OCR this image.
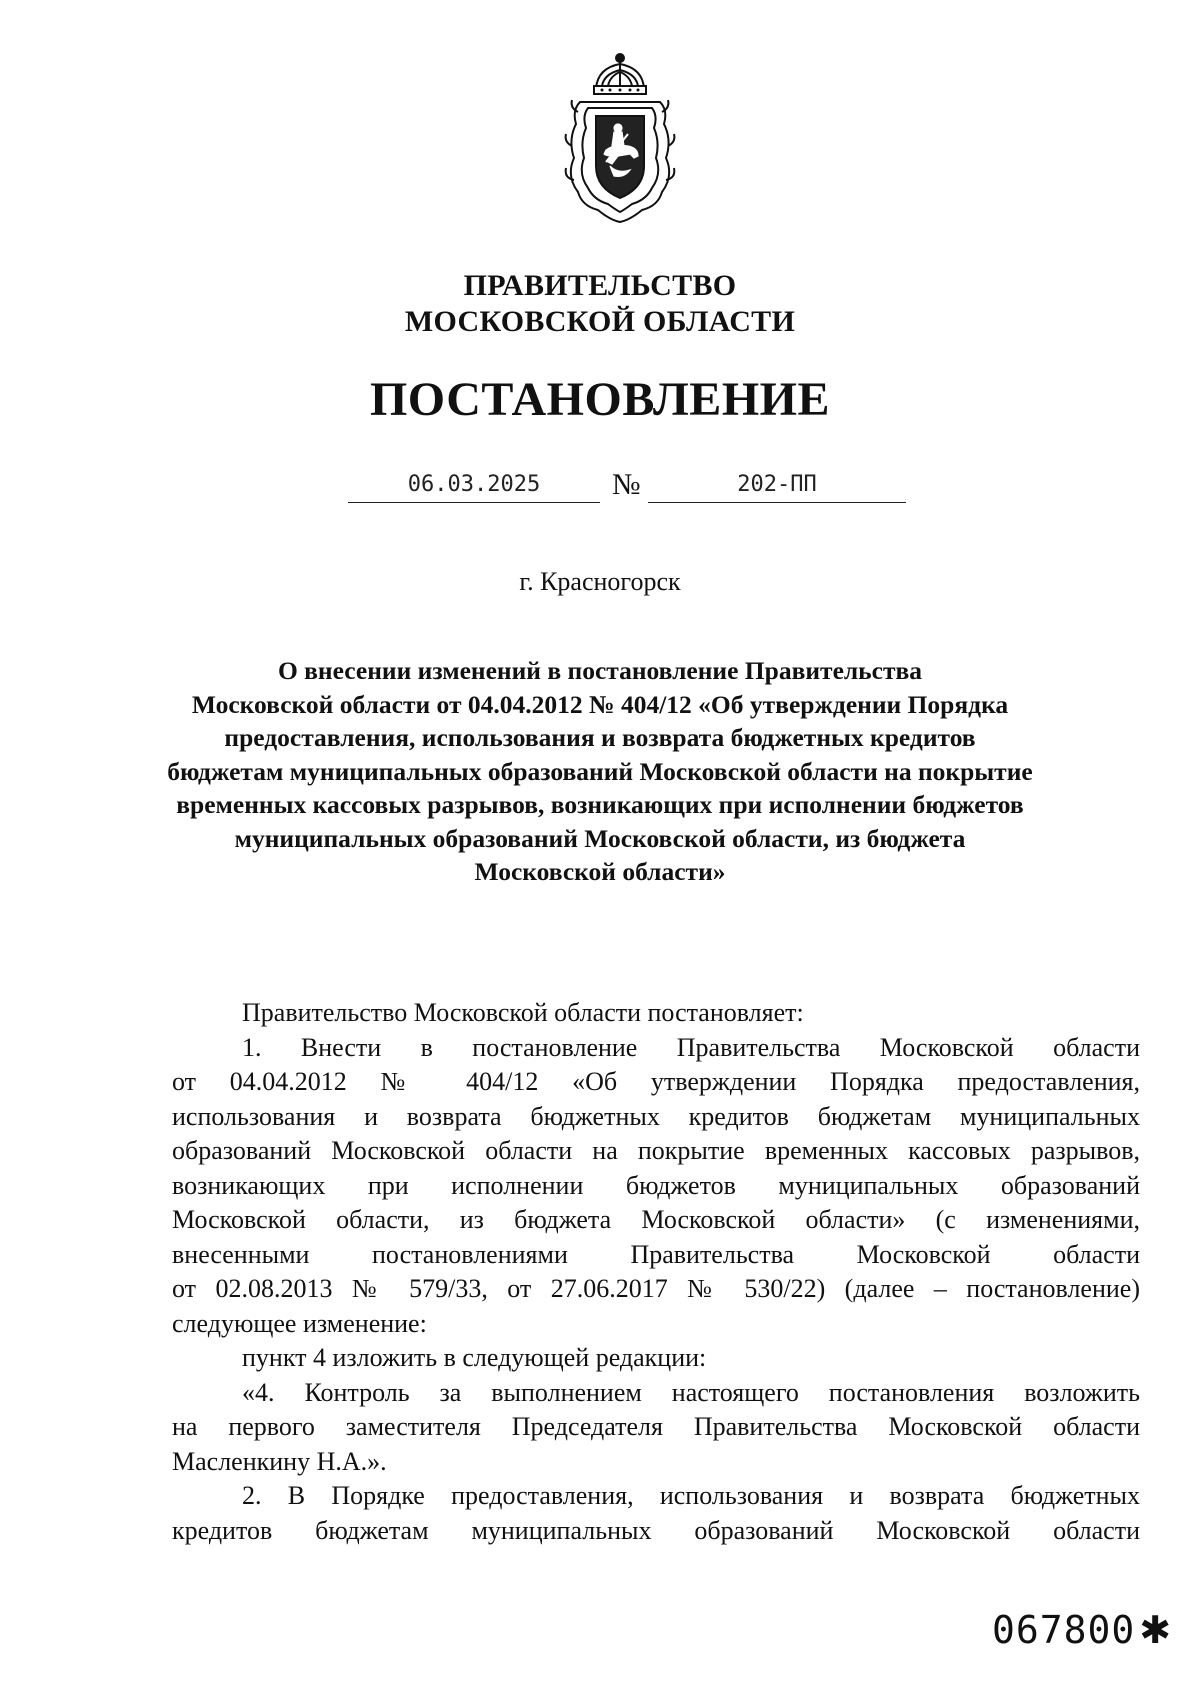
ПРАВИТЕЛЬСТВО
МОСКОВСКОЙ ОБЛАСТИ
ПОСТАНОВЛЕНИЕ
06.03.2025	№	202-ПП
г. Красногорск
О внесении изменений в постановление Правительства
Московской области от 04.04.2012 № 404/12 «Об утверждении Порядка
предоставления, использования и возврата бюджетных кредитов
бюджетам муниципальных образований Московской области на покрытие
временных кассовых разрывов, возникающих при исполнении бюджетов
муниципальных образований Московской области, из бюджета
Московской области»
Правительство Московской области постановляет:
1. Внести в постановление Правительства Московской области
от 04.04.2012 № 404/12 «Об утверждении Порядка предоставления,
использования и возврата бюджетных кредитов бюджетам муниципальных
образований Московской области на покрытие временных кассовых разрывов,
возникающих при исполнении бюджетов муниципальных образований
Московской области, из бюджета Московской области» (с изменениями,
внесенными постановлениями Правительства Московской области
от 02.08.2013 № 579/33, от 27.06.2017 № 530/22) (далее – постановление)
следующее изменение:
пункт 4 изложить в следующей редакции:
«4. Контроль за выполнением настоящего постановления возложить
на первого заместителя Председателя Правительства Московской области
Масленкину Н.А.».
2. В Порядке предоставления, использования и возврата бюджетных
кредитов бюджетам муниципальных образований Московской области
067800 ✱
